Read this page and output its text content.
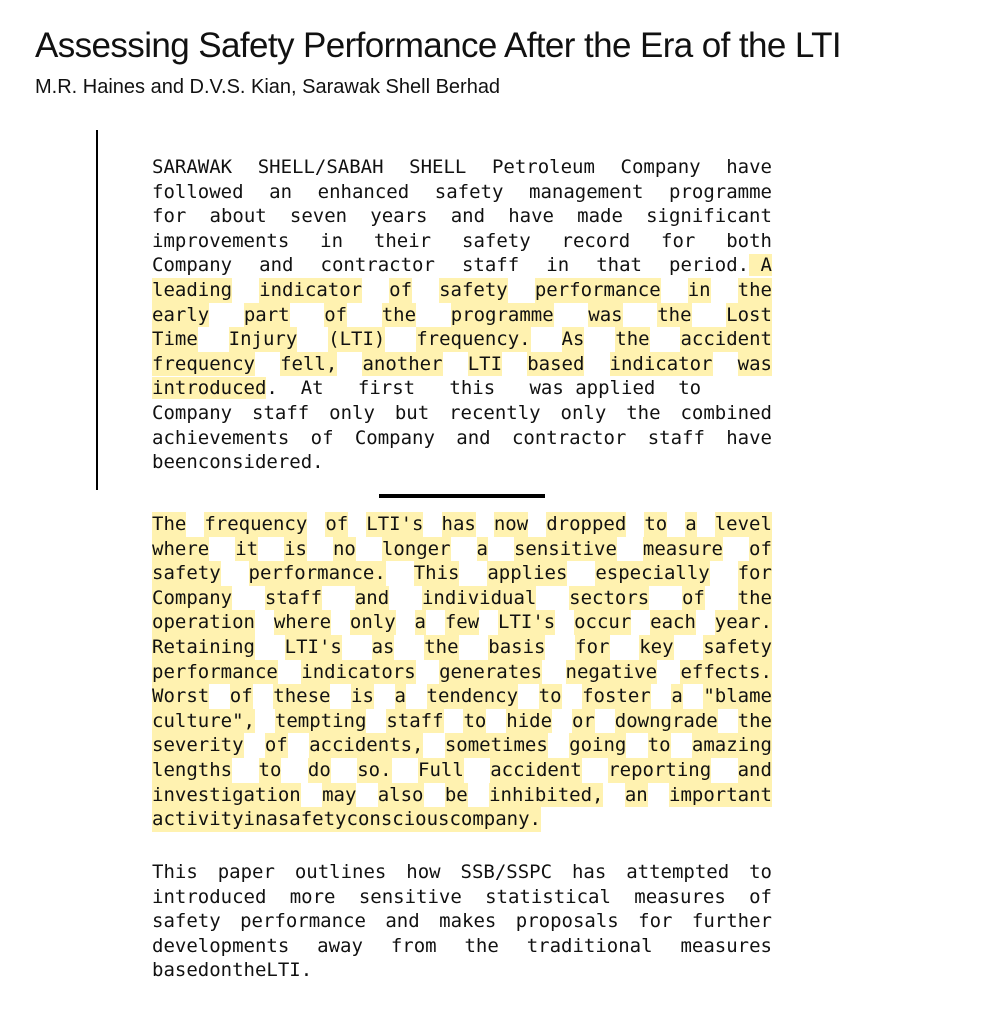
Assessing Safety Performance After the Era of the LTI
M.R. Haines and D.V.S. Kian, Sarawak Shell Berhad
SARAWAK SHELL/SABAH SHELL Petroleum Company have
followed an enhanced safety management programme
for about seven years and have made significant
improvements in their safety record for both
Company and contractor staff in that period. A
leading indicator of safety performance in the
early part of the programme was the Lost
Time Injury (LTI) frequency. As the accident
frequency fell, another LTI based indicator was
introduced.  At   first   this   was applied  to
Company staff only but recently only the combined
achievements of Company and contractor staff have
been considered.
The frequency of LTI's has now dropped to a level
where it is no longer a sensitive measure of
safety performance. This applies especially for
Company staff and individual sectors of the
operation where only a few LTI's occur each year.
Retaining LTI's as the basis for key safety
performance indicators generates negative effects.
Worst of these is a tendency to foster a "blame
culture", tempting staff to hide or downgrade the
severity of accidents, sometimes going to amazing
lengths to do so. Full accident reporting and
investigation may also be inhibited, an important
activity in a safety conscious company.
This paper outlines how SSB/SSPC has attempted to
introduced more sensitive statistical measures of
safety performance and makes proposals for further
developments away from the traditional measures
based on the LTI.
